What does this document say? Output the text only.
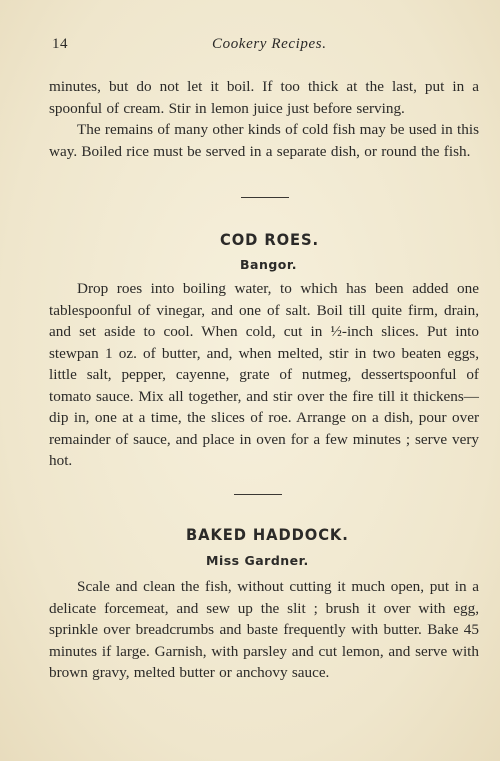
14	Cookery Recipes.

minutes, but do not let it boil. If too thick at the last, put in a spoonful of cream. Stir in lemon juice just before serving.

The remains of many other kinds of cold fish may be used in this way. Boiled rice must be served in a separate dish, or round the fish.

COD ROES.
Bangor.

Drop roes into boiling water, to which has been added one tablespoonful of vinegar, and one of salt. Boil till quite firm, drain, and set aside to cool. When cold, cut in ½-inch slices. Put into stewpan 1 oz. of butter, and, when melted, stir in two beaten eggs, little salt, pepper, cayenne, grate of nutmeg, dessertspoonful of tomato sauce. Mix all together, and stir over the fire till it thickens—dip in, one at a time, the slices of roe. Arrange on a dish, pour over remainder of sauce, and place in oven for a few minutes ; serve very hot.

BAKED HADDOCK.
Miss Gardner.

Scale and clean the fish, without cutting it much open, put in a delicate forcemeat, and sew up the slit ; brush it over with egg, sprinkle over breadcrumbs and baste frequently with butter. Bake 45 minutes if large. Garnish, with parsley and cut lemon, and serve with brown gravy, melted butter or anchovy sauce.
